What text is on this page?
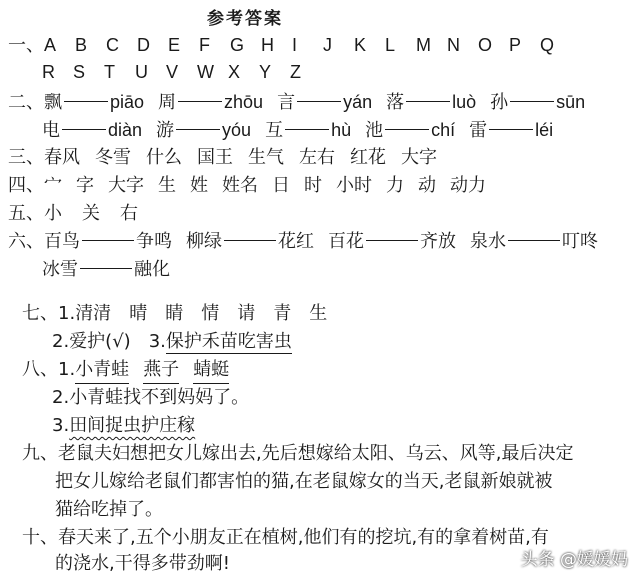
参考答案
一、A B C D E F G H I J K L M N O P Q
R S T U V W X Y Z
二、飘	piāo 周	zhōu 言	yán 落	luò 孙	sūn
电	diàn 游	yóu 互	hù 池	chí 雷	léi
三、春风 冬雪 什么 国王 生气 左右 红花 大字
四、宀 字 大字 生 姓 姓名 日 时 小时 力 动 动力
五、小 关 右
六、百鸟	争鸣 柳绿	花红 百花	齐放 泉水	叮咚
冰雪	融化
七、1.清清 晴 睛 情 请 青 生
2.爱护(√) 3.保护禾苗吃害虫
八、1.小青蛙 燕子 蜻蜓
2.小青蛙找不到妈妈了。
3.田间捉虫护庄稼
九、老鼠夫妇想把女儿嫁出去,先后想嫁给太阳、乌云、风等,最后决定
把女儿嫁给老鼠们都害怕的猫,在老鼠嫁女的当天,老鼠新娘就被
猫给吃掉了。
十、春天来了,五个小朋友正在植树,他们有的挖坑,有的拿着树苗,有
的浇水,干得多带劲啊!	头条 @媛媛妈
